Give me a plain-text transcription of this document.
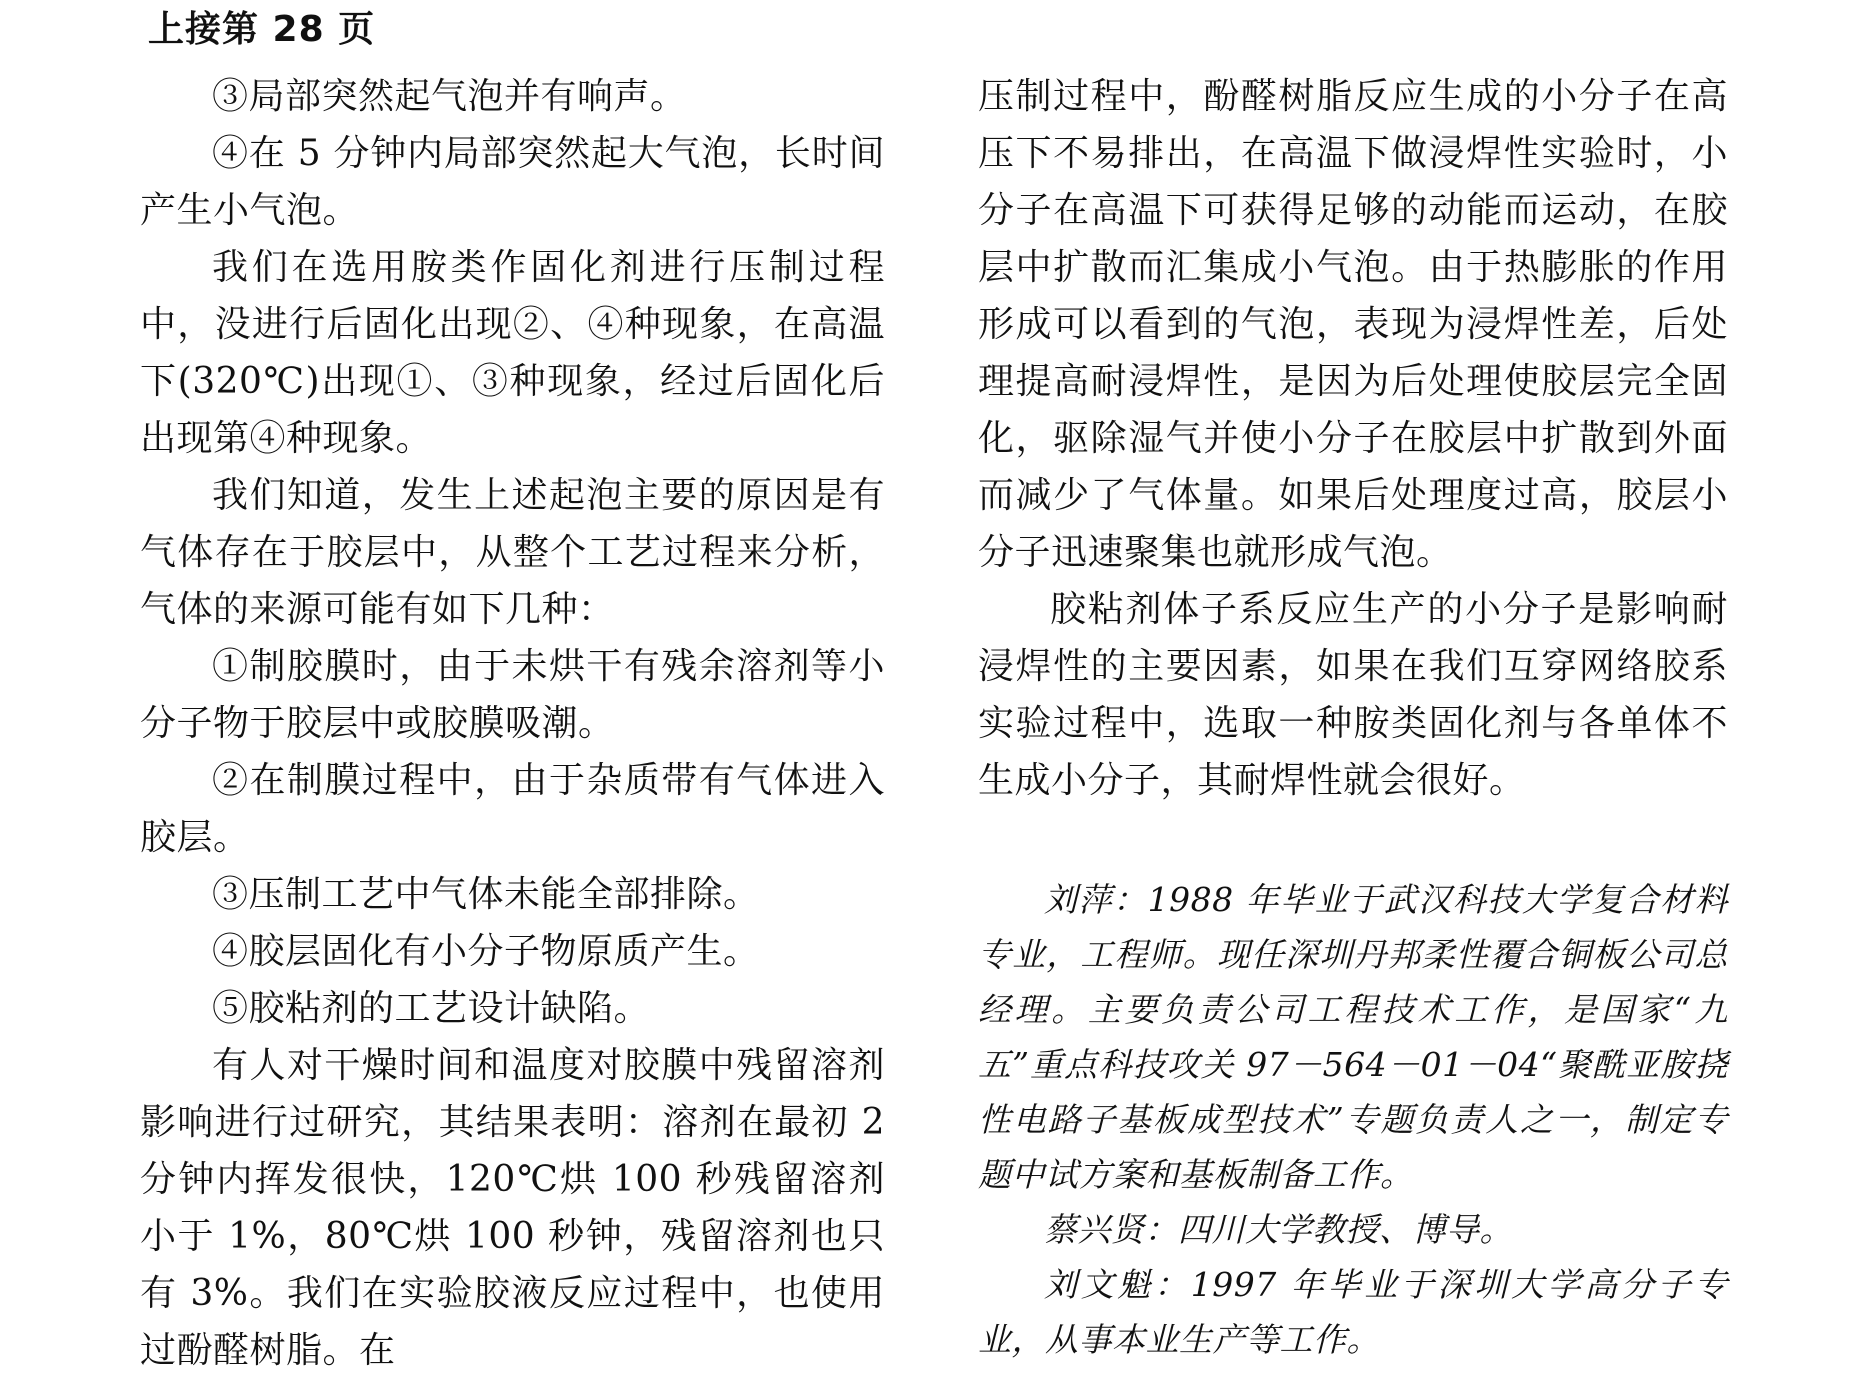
上接第 28 页

③局部突然起气泡并有响声。

④在 5 分钟内局部突然起大气泡，长时间产生小气泡。

我们在选用胺类作固化剂进行压制过程中，没进行后固化出现②、④种现象，在高温下(320℃)出现①、③种现象，经过后固化后出现第④种现象。

我们知道，发生上述起泡主要的原因是有气体存在于胶层中，从整个工艺过程来分析，气体的来源可能有如下几种：

①制胶膜时，由于未烘干有残余溶剂等小分子物于胶层中或胶膜吸潮。

②在制膜过程中，由于杂质带有气体进入胶层。

③压制工艺中气体未能全部排除。

④胶层固化有小分子物原质产生。

⑤胶粘剂的工艺设计缺陷。

有人对干燥时间和温度对胶膜中残留溶剂影响进行过研究，其结果表明：溶剂在最初 2 分钟内挥发很快，120℃烘 100 秒残留溶剂小于 1%，80℃烘 100 秒钟，残留溶剂也只有 3%。我们在实验胶液反应过程中，也使用过酚醛树脂。在

压制过程中，酚醛树脂反应生成的小分子在高压下不易排出，在高温下做浸焊性实验时，小分子在高温下可获得足够的动能而运动，在胶层中扩散而汇集成小气泡。由于热膨胀的作用形成可以看到的气泡，表现为浸焊性差，后处理提高耐浸焊性，是因为后处理使胶层完全固化，驱除湿气并使小分子在胶层中扩散到外面而减少了气体量。如果后处理度过高，胶层小分子迅速聚集也就形成气泡。

胶粘剂体子系反应生产的小分子是影响耐浸焊性的主要因素，如果在我们互穿网络胶系实验过程中，选取一种胺类固化剂与各单体不生成小分子，其耐焊性就会很好。

刘萍：1988 年毕业于武汉科技大学复合材料专业，工程师。现任深圳丹邦柔性覆合铜板公司总经理。主要负责公司工程技术工作，是国家“九五”重点科技攻关 97－564－01－04“聚酰亚胺挠性电路子基板成型技术”专题负责人之一，制定专题中试方案和基板制备工作。

蔡兴贤：四川大学教授、博导。

刘文魁：1997 年毕业于深圳大学高分子专业，从事本业生产等工作。
